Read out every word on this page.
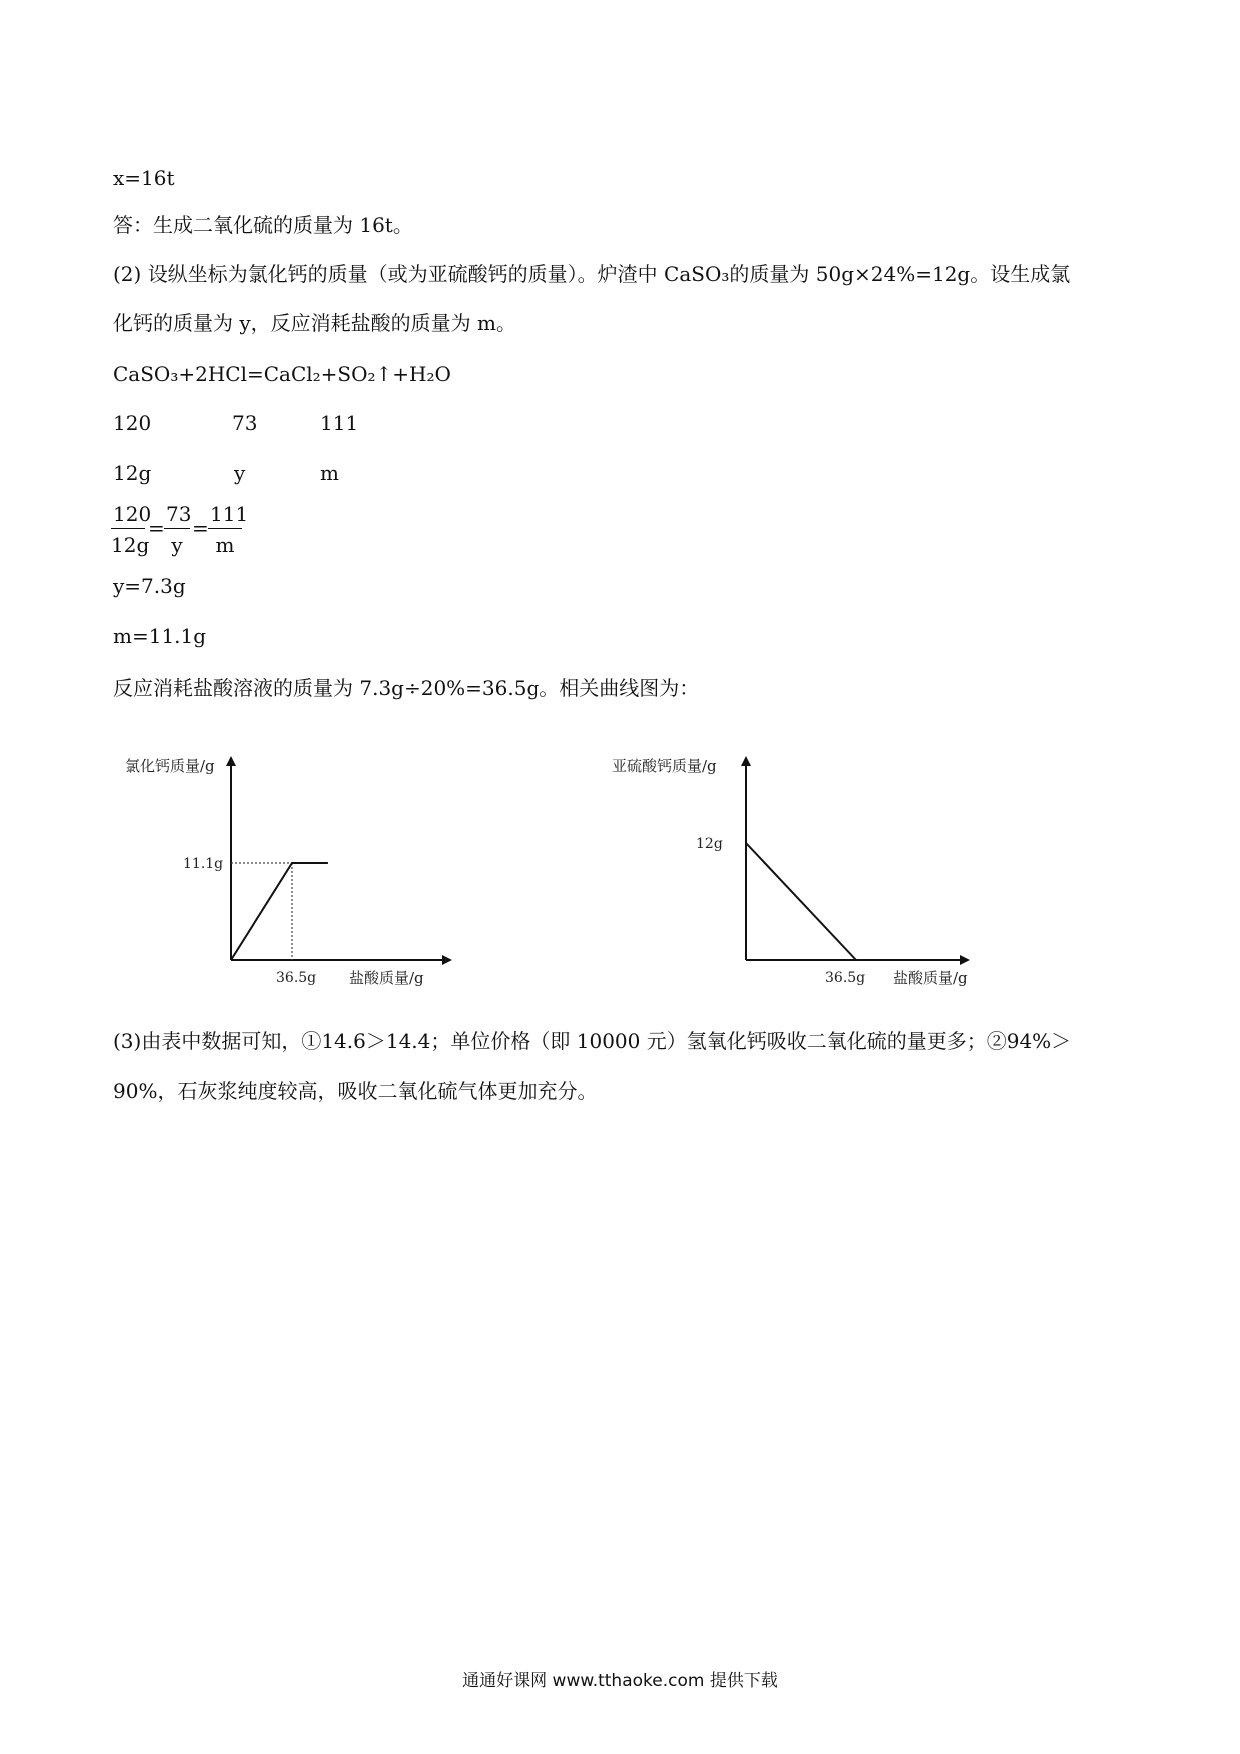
x=16t
答：生成二氧化硫的质量为 16t。
(2) 设纵坐标为氯化钙的质量（或为亚硫酸钙的质量）。炉渣中 CaSO₃的质量为 50g×24%=12g。设生成氯
化钙的质量为 y，反应消耗盐酸的质量为 m。
CaSO₃+2HCl=CaCl₂+SO₂↑+H₂O
120	73	111
12g	y	m
$\frac{120}{12g} = \frac{73}{y} = \frac{111}{m}$
y=7.3g
m=11.1g
反应消耗盐酸溶液的质量为 7.3g÷20%=36.5g。相关曲线图为：
氯化钙质量/g
11.1g
36.5g 盐酸质量/g
亚硫酸钙质量/g
12g
36.5g 盐酸质量/g
(3)由表中数据可知，①14.6＞14.4；单位价格（即 10000 元）氢氧化钙吸收二氧化硫的量更多；②94%＞
90%，石灰浆纯度较高，吸收二氧化硫气体更加充分。
通通好课网 www.tthaoke.com 提供下载
